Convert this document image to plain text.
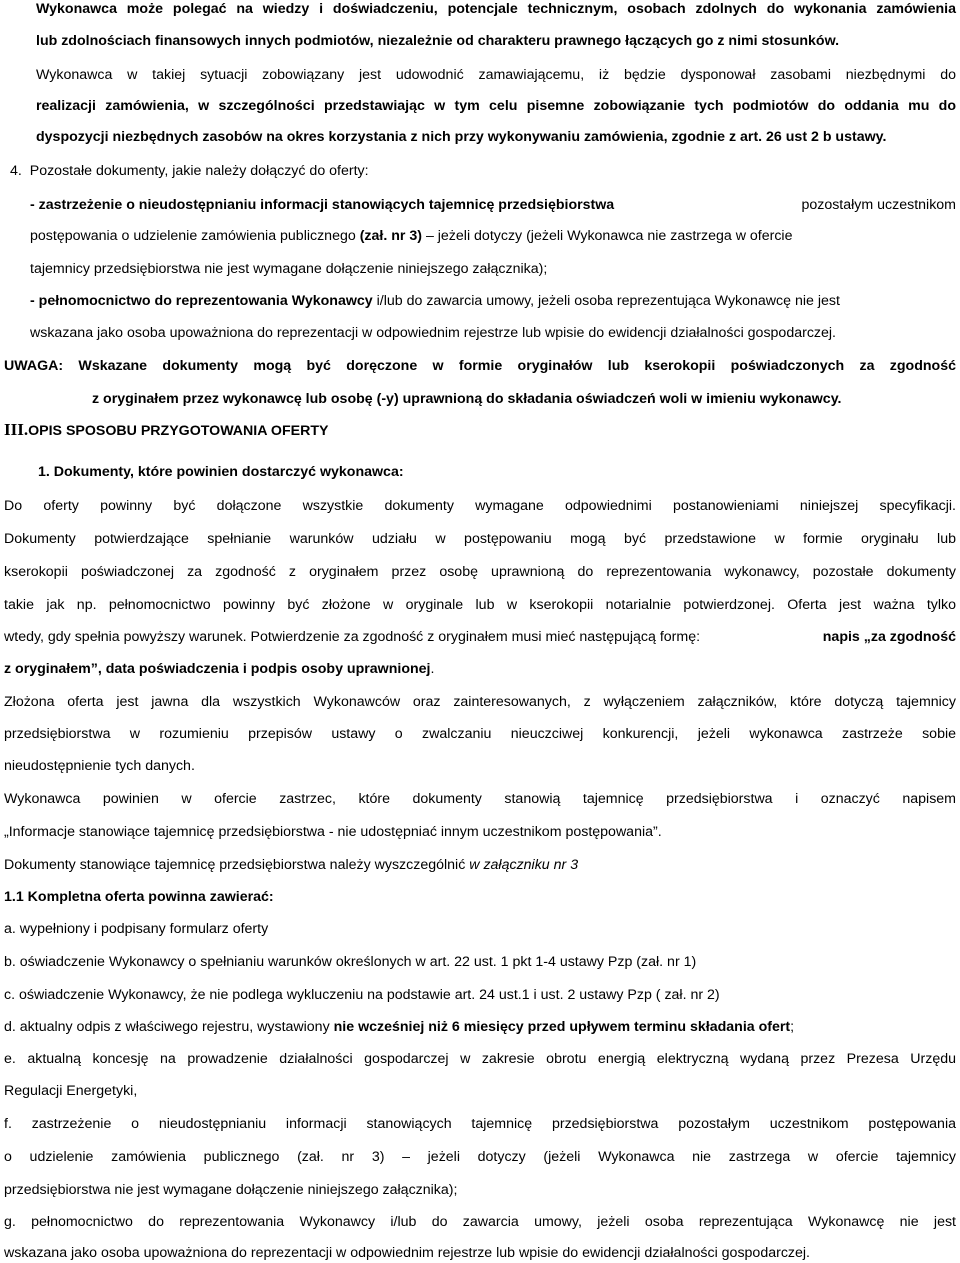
Wykonawca może polegać na wiedzy i doświadczeniu, potencjale technicznym, osobach zdolnych do wykonania zamówienia
lub zdolnościach finansowych innych podmiotów, niezależnie od charakteru prawnego łączących go z nimi stosunków.
Wykonawca w takiej sytuacji zobowiązany jest udowodnić zamawiającemu, iż będzie dysponował zasobami niezbędnymi do
realizacji zamówienia, w szczególności przedstawiając w tym celu pisemne zobowiązanie tych podmiotów do oddania mu do
dyspozycji niezbędnych zasobów na okres korzystania z nich przy wykonywaniu zamówienia, zgodnie z art. 26 ust 2 b ustawy.
4. Pozostałe dokumenty, jakie należy dołączyć do oferty:
- zastrzeżenie o nieudostępnianiu informacji stanowiących tajemnicę przedsiębiorstwa	pozostałym uczestnikom
postępowania o udzielenie zamówienia publicznego (zał. nr 3) – jeżeli dotyczy (jeżeli Wykonawca nie zastrzega w ofercie
tajemnicy przedsiębiorstwa nie jest wymagane dołączenie niniejszego załącznika);
- pełnomocnictwo do reprezentowania Wykonawcy i/lub do zawarcia umowy, jeżeli osoba reprezentująca Wykonawcę nie jest
wskazana jako osoba upoważniona do reprezentacji w odpowiednim rejestrze lub wpisie do ewidencji działalności gospodarczej.
UWAGA: Wskazane dokumenty mogą być doręczone w formie oryginałów lub kserokopii poświadczonych za zgodność
z oryginałem przez wykonawcę lub osobę (-y) uprawnioną do składania oświadczeń woli w imieniu wykonawcy.
III.OPIS SPOSOBU PRZYGOTOWANIA OFERTY
1. Dokumenty, które powinien dostarczyć wykonawca:
Do oferty powinny być dołączone wszystkie dokumenty wymagane odpowiednimi postanowieniami niniejszej specyfikacji.
Dokumenty potwierdzające spełnianie warunków udziału w postępowaniu mogą być przedstawione w formie oryginału lub
kserokopii poświadczonej za zgodność z oryginałem przez osobę uprawnioną do reprezentowania wykonawcy, pozostałe dokumenty
takie jak np. pełnomocnictwo powinny być złożone w oryginale lub w kserokopii notarialnie potwierdzonej. Oferta jest ważna tylko
wtedy, gdy spełnia powyższy warunek. Potwierdzenie za zgodność z oryginałem musi mieć następującą formę:	napis „za zgodność
z oryginałem”, data poświadczenia i podpis osoby uprawnionej.
Złożona oferta jest jawna dla wszystkich Wykonawców oraz zainteresowanych, z wyłączeniem załączników, które dotyczą tajemnicy
przedsiębiorstwa w rozumieniu przepisów ustawy o zwalczaniu nieuczciwej konkurencji, jeżeli wykonawca zastrzeże sobie
nieudostępnienie tych danych.
Wykonawca powinien w ofercie zastrzec, które dokumenty stanowią tajemnicę przedsiębiorstwa i oznaczyć napisem
„Informacje stanowiące tajemnicę przedsiębiorstwa - nie udostępniać innym uczestnikom postępowania”.
Dokumenty stanowiące tajemnicę przedsiębiorstwa należy wyszczególnić w załączniku nr 3
1.1 Kompletna oferta powinna zawierać:
a. wypełniony i podpisany formularz oferty
b. oświadczenie Wykonawcy o spełnianiu warunków określonych w art. 22 ust. 1 pkt 1-4 ustawy Pzp (zał. nr 1)
c. oświadczenie Wykonawcy, że nie podlega wykluczeniu na podstawie art. 24 ust.1 i ust. 2 ustawy Pzp ( zał. nr 2)
d. aktualny odpis z właściwego rejestru, wystawiony nie wcześniej niż 6 miesięcy przed upływem terminu składania ofert;
e. aktualną koncesję na prowadzenie działalności gospodarczej w zakresie obrotu energią elektryczną wydaną przez Prezesa Urzędu
Regulacji Energetyki,
f. zastrzeżenie o nieudostępnianiu informacji stanowiących tajemnicę przedsiębiorstwa pozostałym uczestnikom postępowania
o udzielenie zamówienia publicznego (zał. nr 3) – jeżeli dotyczy (jeżeli Wykonawca nie zastrzega w ofercie tajemnicy
przedsiębiorstwa nie jest wymagane dołączenie niniejszego załącznika);
g. pełnomocnictwo do reprezentowania Wykonawcy i/lub do zawarcia umowy, jeżeli osoba reprezentująca Wykonawcę nie jest
wskazana jako osoba upoważniona do reprezentacji w odpowiednim rejestrze lub wpisie do ewidencji działalności gospodarczej.
